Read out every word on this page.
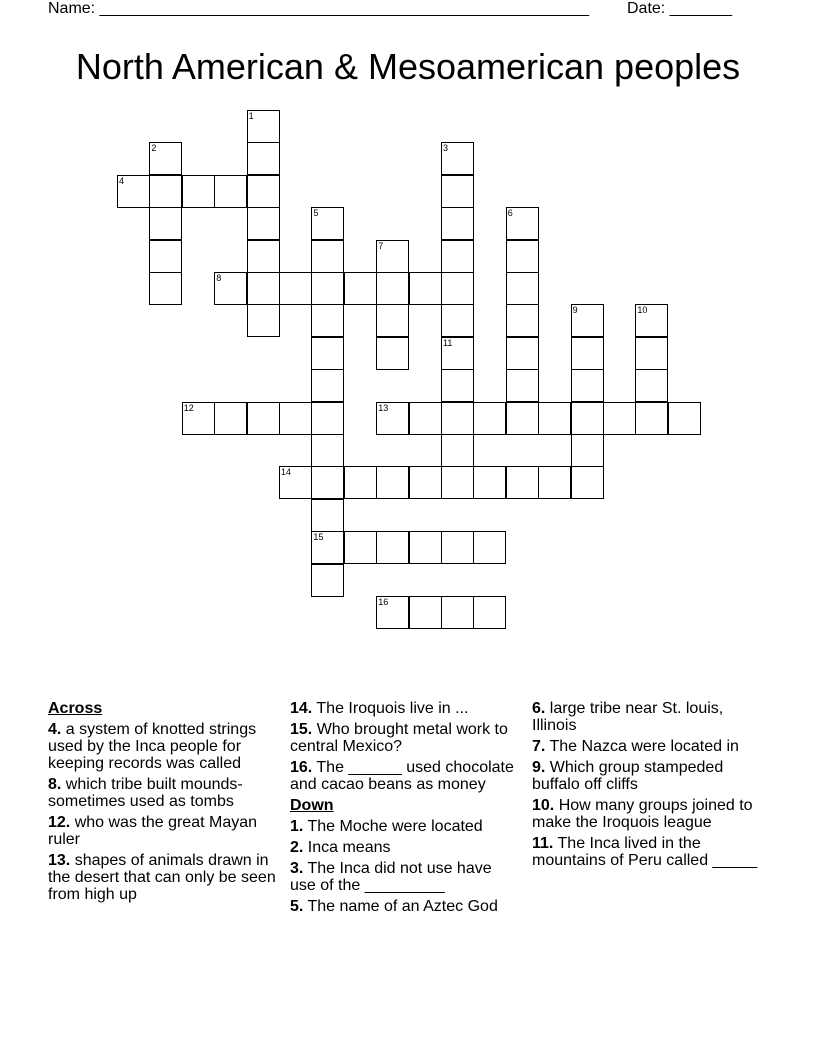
Name: _______________________________________________________ Date: _______
North American & Mesoamerican peoples
1
2	3
4
5
15
6
7
8
9	10
11
12	13
14
16
Across
4. a system of knotted strings used by the Inca people for keeping records was called
8. which tribe built mounds- sometimes used as tombs
12. who was the great Mayan ruler
13. shapes of animals drawn in the desert that can only be seen from high up
14. The Iroquois live in ...
15. Who brought metal work to central Mexico?
16. The ______ used chocolate and cacao beans as money
Down
1. The Moche were located
2. Inca means
3. The Inca did not use have use of the _________
5. The name of an Aztec God
6. large tribe near St. louis, Illinois
7. The Nazca were located in
9. Which group stampeded buffalo off cliffs
10. How many groups joined to make the Iroquois league
11. The Inca lived in the mountains of Peru called _____
